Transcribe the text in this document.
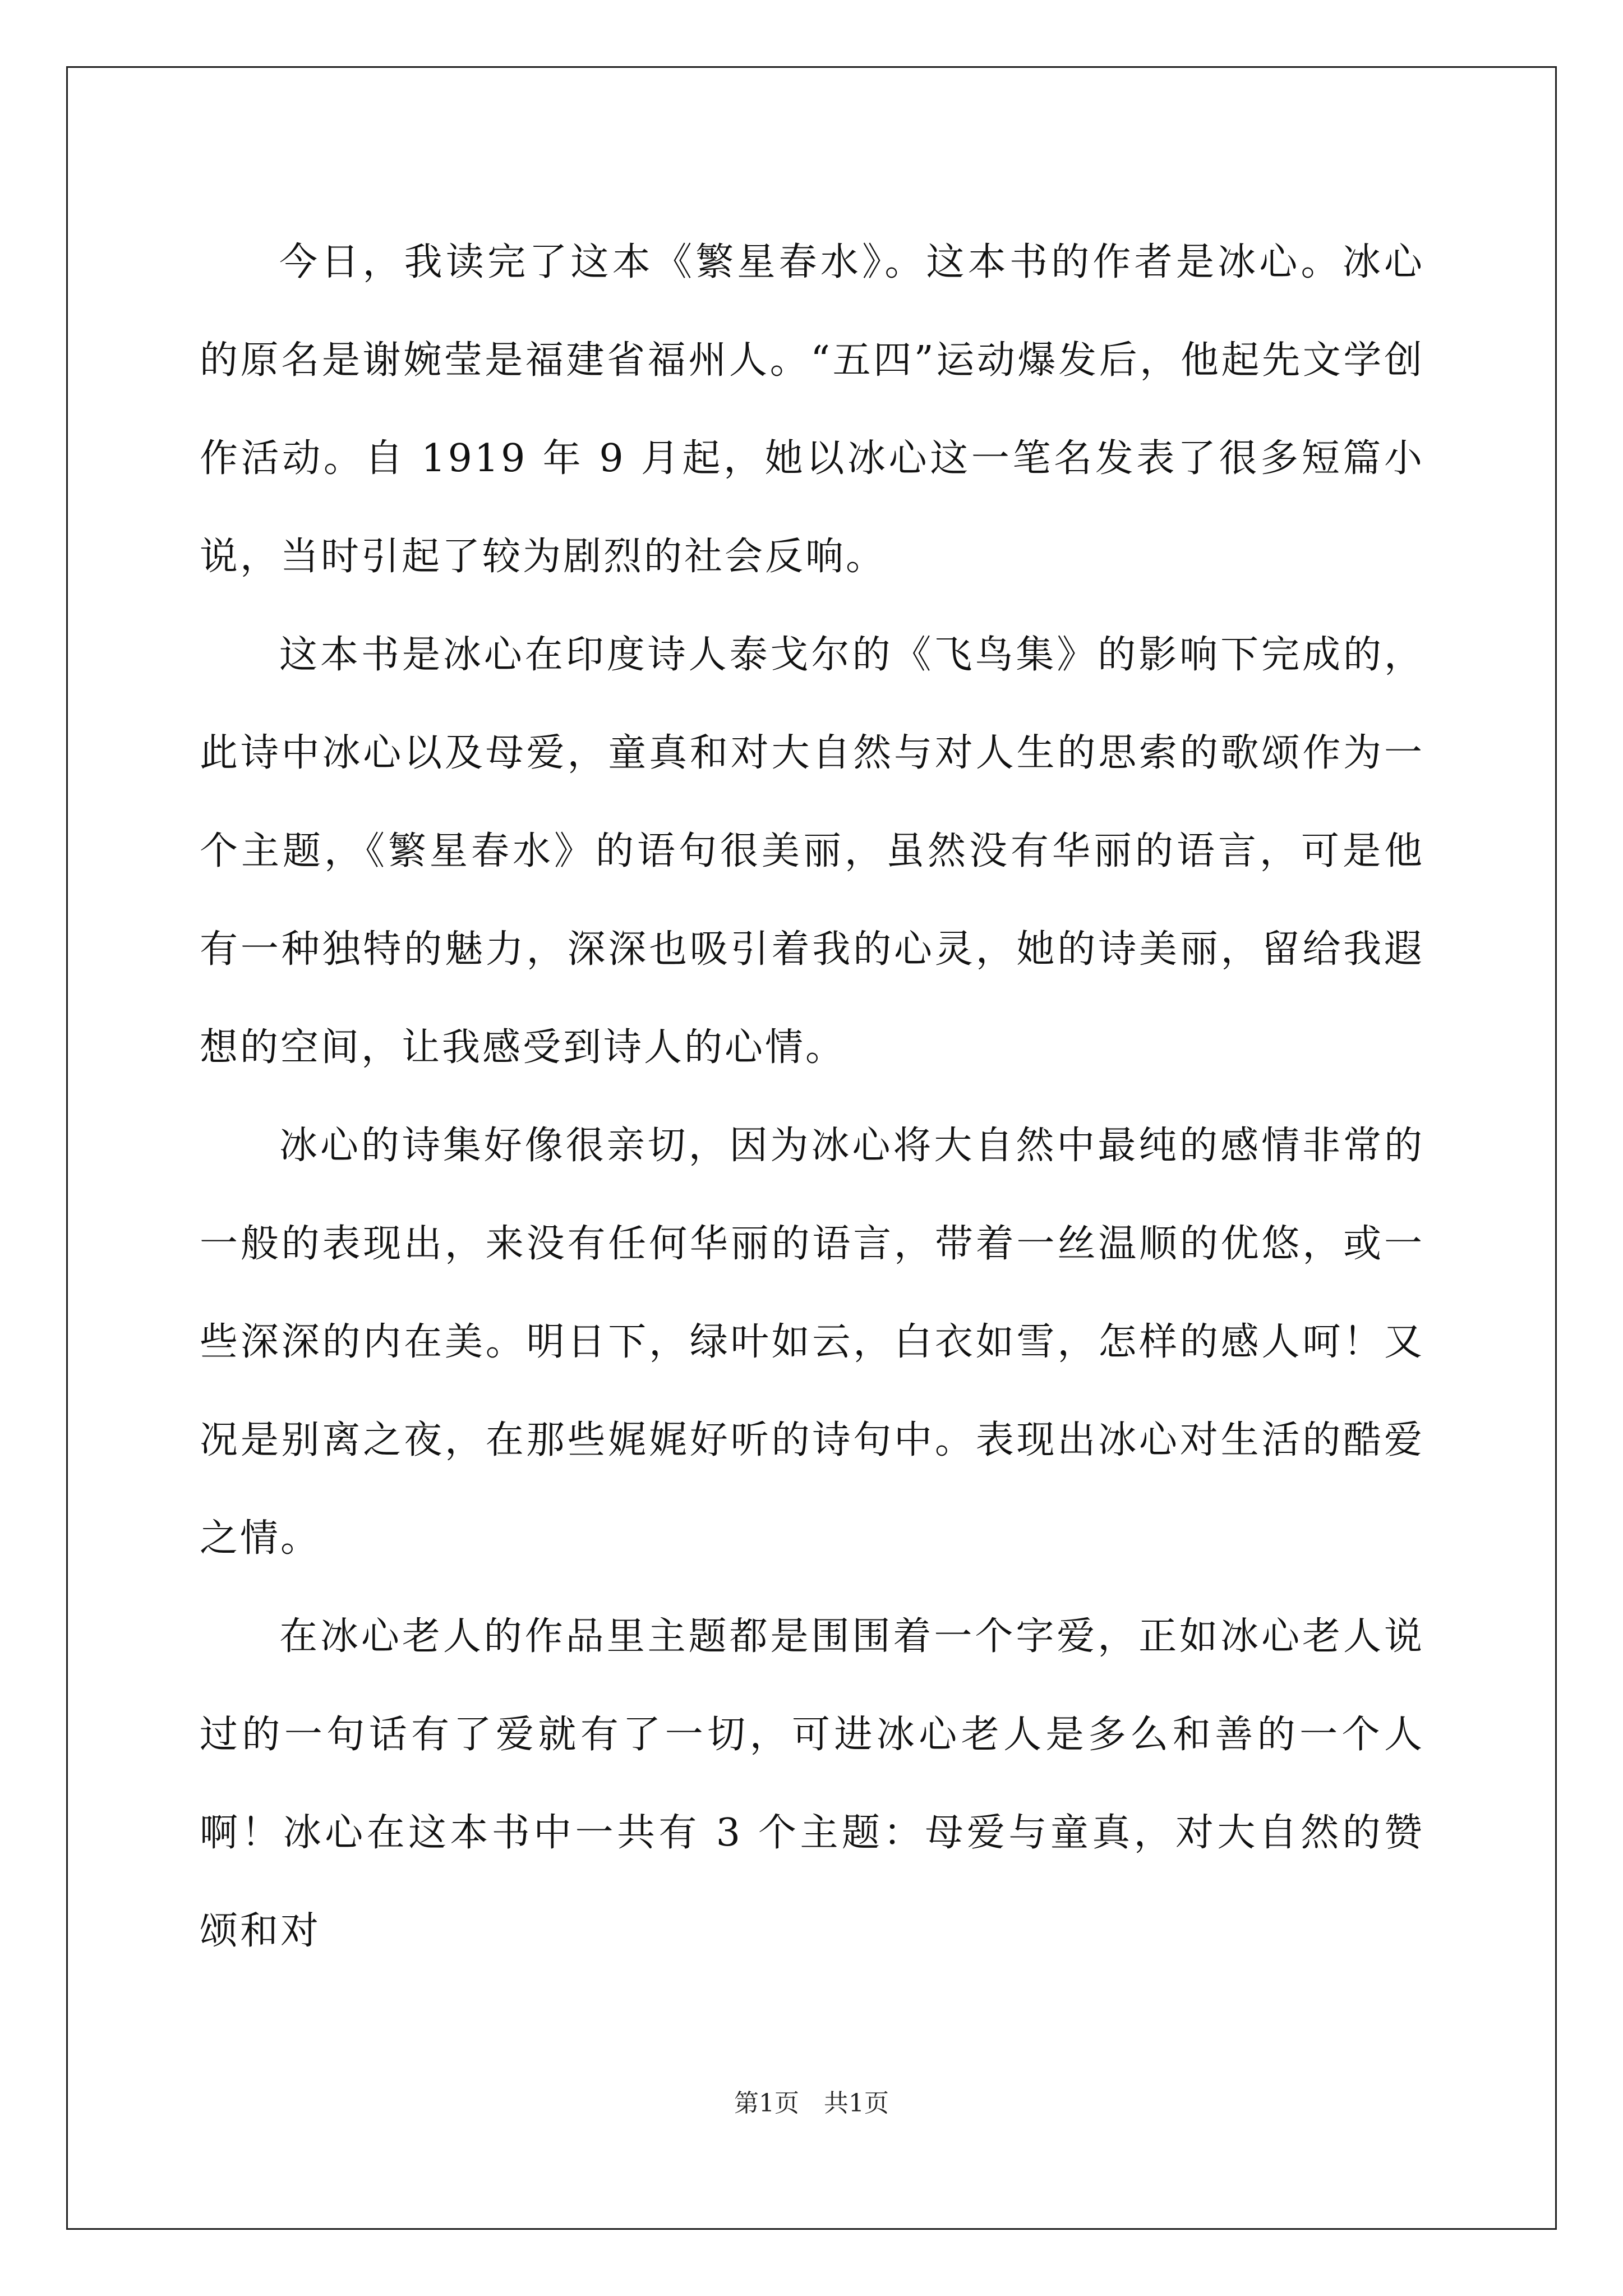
今日，我读完了这本《繁星春水》。这本书的作者是冰心。冰心的原名是谢婉莹是福建省福州人。“五四”运动爆发后，他起先文学创作活动。自 1919 年 9 月起，她以冰心这一笔名发表了很多短篇小说，当时引起了较为剧烈的社会反响。

这本书是冰心在印度诗人泰戈尔的《飞鸟集》的影响下完成的，此诗中冰心以及母爱，童真和对大自然与对人生的思索的歌颂作为一个主题，《繁星春水》的语句很美丽，虽然没有华丽的语言，可是他有一种独特的魅力，深深也吸引着我的心灵，她的诗美丽，留给我遐想的空间，让我感受到诗人的心情。

冰心的诗集好像很亲切，因为冰心将大自然中最纯的感情非常的一般的表现出，来没有任何华丽的语言，带着一丝温顺的优悠，或一些深深的内在美。明日下，绿叶如云，白衣如雪，怎样的感人呵！又况是别离之夜，在那些娓娓好听的诗句中。表现出冰心对生活的酷爱之情。

在冰心老人的作品里主题都是围围着一个字爱，正如冰心老人说过的一句话有了爱就有了一切，可进冰心老人是多么和善的一个人啊！冰心在这本书中一共有 3 个主题：母爱与童真，对大自然的赞颂和对

第1页　共1页
